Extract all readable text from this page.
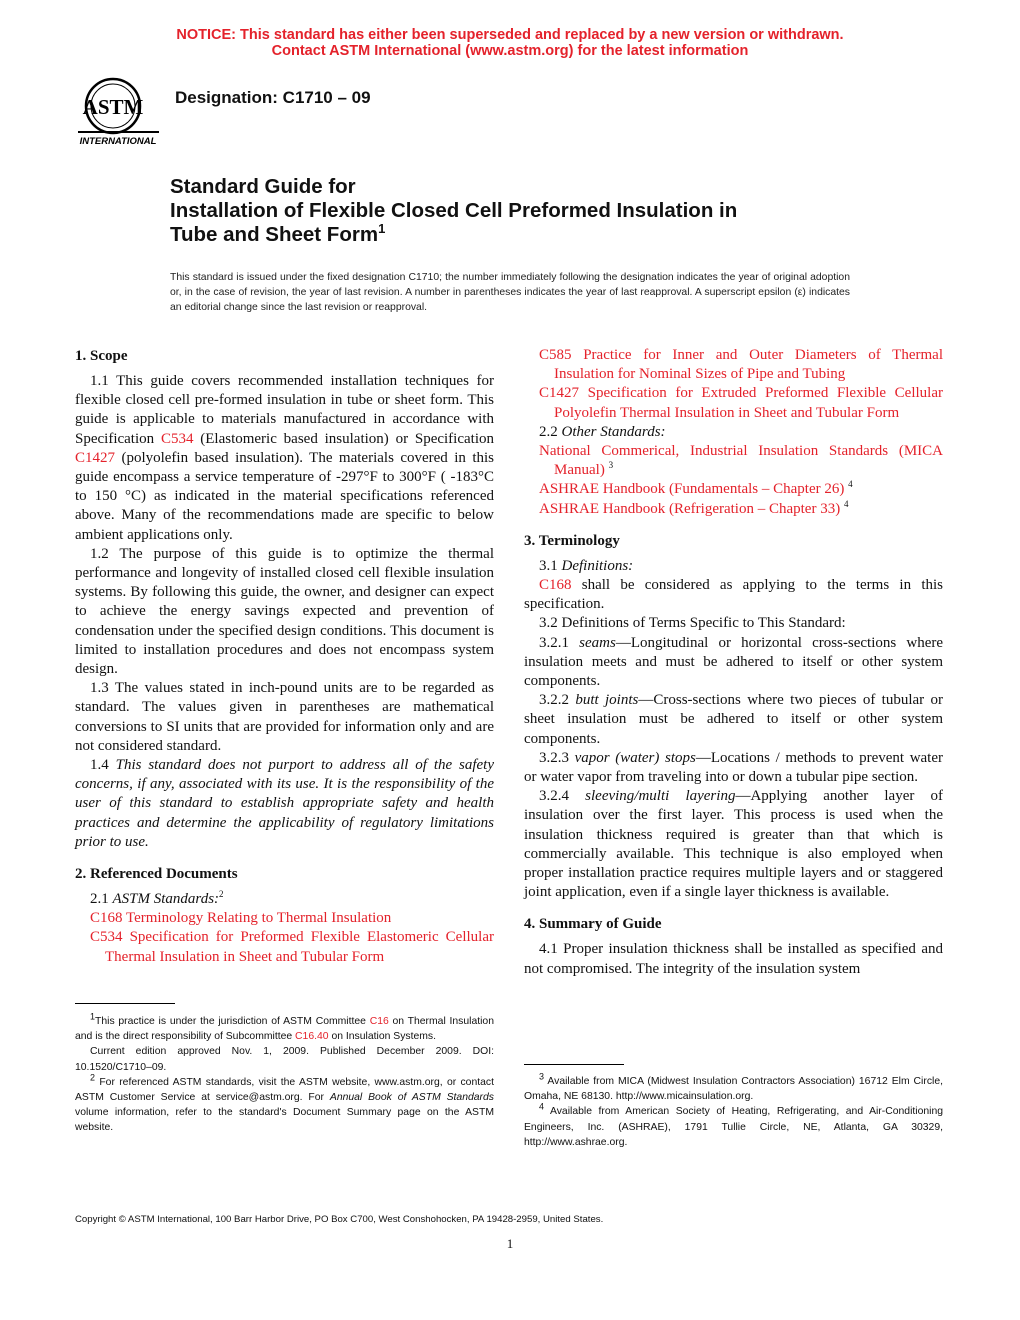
NOTICE: This standard has either been superseded and replaced by a new version or withdrawn.
Contact ASTM International (www.astm.org) for the latest information
ASTM
INTERNATIONAL
Designation: C1710 – 09
Standard Guide for
Installation of Flexible Closed Cell Preformed Insulation in
Tube and Sheet Form$^1$
This standard is issued under the fixed designation C1710; the number immediately following the designation indicates the year of original adoption or, in the case of revision, the year of last revision. A number in parentheses indicates the year of last reapproval. A superscript epsilon (ε) indicates an editorial change since the last revision or reapproval.
1. Scope

1.1 This guide covers recommended installation techniques for flexible closed cell pre-formed insulation in tube or sheet form. This guide is applicable to materials manufactured in accordance with Specification C534 (Elastomeric based insulation) or Specification C1427 (polyolefin based insulation). The materials covered in this guide encompass a service temperature of -297°F to 300°F ( -183°C to 150 °C) as indicated in the material specifications referenced above. Many of the recommendations made are specific to below ambient applications only.

1.2 The purpose of this guide is to optimize the thermal performance and longevity of installed closed cell flexible insulation systems. By following this guide, the owner, and designer can expect to achieve the energy savings expected and prevention of condensation under the specified design conditions. This document is limited to installation procedures and does not encompass system design.

1.3 The values stated in inch-pound units are to be regarded as standard. The values given in parentheses are mathematical conversions to SI units that are provided for information only and are not considered standard.

1.4 This standard does not purport to address all of the safety concerns, if any, associated with its use. It is the responsibility of the user of this standard to establish appropriate safety and health practices and determine the applicability of regulatory limitations prior to use.

2. Referenced Documents

2.1 ASTM Standards:$^2$

C168 Terminology Relating to Thermal Insulation

C534 Specification for Preformed Flexible Elastomeric Cellular Thermal Insulation in Sheet and Tubular Form

$^1$This practice is under the jurisdiction of ASTM Committee C16 on Thermal Insulation and is the direct responsibility of Subcommittee C16.40 on Insulation Systems.

Current edition approved Nov. 1, 2009. Published December 2009. DOI: 10.1520/C1710–09.

$^2$ For referenced ASTM standards, visit the ASTM website, www.astm.org, or contact ASTM Customer Service at service@astm.org. For Annual Book of ASTM Standards volume information, refer to the standard's Document Summary page on the ASTM website.

C585 Practice for Inner and Outer Diameters of Thermal Insulation for Nominal Sizes of Pipe and Tubing

C1427 Specification for Extruded Preformed Flexible Cellular Polyolefin Thermal Insulation in Sheet and Tubular Form

2.2 Other Standards:

National Commerical, Industrial Insulation Standards (MICA Manual) $^3$

ASHRAE Handbook (Fundamentals – Chapter 26) $^4$

ASHRAE Handbook (Refrigeration – Chapter 33) $^4$

3. Terminology

3.1 Definitions:

C168 shall be considered as applying to the terms in this specification.

3.2 Definitions of Terms Specific to This Standard:

3.2.1 seams—Longitudinal or horizontal cross-sections where insulation meets and must be adhered to itself or other system components.

3.2.2 butt joints—Cross-sections where two pieces of tubular or sheet insulation must be adhered to itself or other system components.

3.2.3 vapor (water) stops—Locations / methods to prevent water or water vapor from traveling into or down a tubular pipe section.

3.2.4 sleeving/multi layering—Applying another layer of insulation over the first layer. This process is used when the insulation thickness required is greater than that which is commercially available. This technique is also employed when proper installation practice requires multiple layers and or staggered joint application, even if a single layer thickness is available.

4. Summary of Guide

4.1 Proper insulation thickness shall be installed as specified and not compromised. The integrity of the insulation system

$^3$ Available from MICA (Midwest Insulation Contractors Association) 16712 Elm Circle, Omaha, NE 68130. http://www.micainsulation.org.

$^4$ Available from American Society of Heating, Refrigerating, and Air-Conditioning Engineers, Inc. (ASHRAE), 1791 Tullie Circle, NE, Atlanta, GA 30329, http://www.ashrae.org.

Copyright © ASTM International, 100 Barr Harbor Drive, PO Box C700, West Conshohocken, PA 19428-2959, United States.
1
